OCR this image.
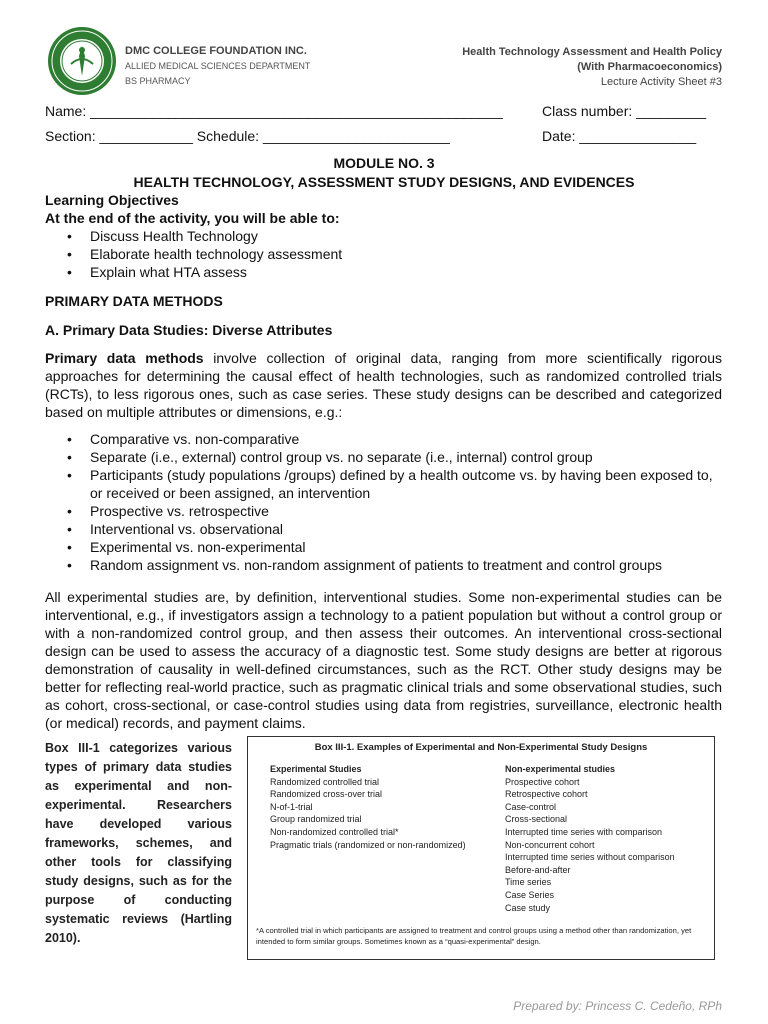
DMC COLLEGE FOUNDATION INC.
ALLIED MEDICAL SCIENCES DEPARTMENT
BS PHARMACY
Health Technology Assessment and Health Policy
(With Pharmacoeconomics)
Lecture Activity Sheet #3
Name: _____________________________________________________	Class number: _________
Section: ____________ Schedule: ________________________	Date: _______________
MODULE NO. 3
HEALTH TECHNOLOGY, ASSESSMENT STUDY DESIGNS, AND EVIDENCES
Learning Objectives
At the end of the activity, you will be able to:
• Discuss Health Technology
• Elaborate health technology assessment
• Explain what HTA assess
PRIMARY DATA METHODS
A. Primary Data Studies: Diverse Attributes
Primary data methods involve collection of original data, ranging from more scientifically rigorous approaches for determining the causal effect of health technologies, such as randomized controlled trials (RCTs), to less rigorous ones, such as case series. These study designs can be described and categorized based on multiple attributes or dimensions, e.g.:
• Comparative vs. non-comparative
• Separate (i.e., external) control group vs. no separate (i.e., internal) control group
• Participants (study populations /groups) defined by a health outcome vs. by having been exposed to, or received or been assigned, an intervention
• Prospective vs. retrospective
• Interventional vs. observational
• Experimental vs. non-experimental
• Random assignment vs. non-random assignment of patients to treatment and control groups
All experimental studies are, by definition, interventional studies. Some non-experimental studies can be interventional, e.g., if investigators assign a technology to a patient population but without a control group or with a non-randomized control group, and then assess their outcomes. An interventional cross-sectional design can be used to assess the accuracy of a diagnostic test. Some study designs are better at rigorous demonstration of causality in well-defined circumstances, such as the RCT. Other study designs may be better for reflecting real-world practice, such as pragmatic clinical trials and some observational studies, such as cohort, cross-sectional, or case-control studies using data from registries, surveillance, electronic health (or medical) records, and payment claims.
Box III-1 categorizes various types of primary data studies as experimental and non-experimental. Researchers have developed various frameworks, schemes, and other tools for classifying study designs, such as for the purpose of conducting systematic reviews (Hartling 2010).
Box III-1. Examples of Experimental and Non-Experimental Study Designs
Experimental Studies
Randomized controlled trial
Randomized cross-over trial
N-of-1-trial
Group randomized trial
Non-randomized controlled trial*
Pragmatic trials (randomized or non-randomized)
Non-experimental studies
Prospective cohort
Retrospective cohort
Case-control
Cross-sectional
Interrupted time series with comparison
Non-concurrent cohort
Interrupted time series without comparison
Before-and-after
Time series
Case Series
Case study
*A controlled trial in which participants are assigned to treatment and control groups using a method other than randomization, yet intended to form similar groups. Sometimes known as a “quasi-experimental” design.
Prepared by: Princess C. Cedeño, RPh
